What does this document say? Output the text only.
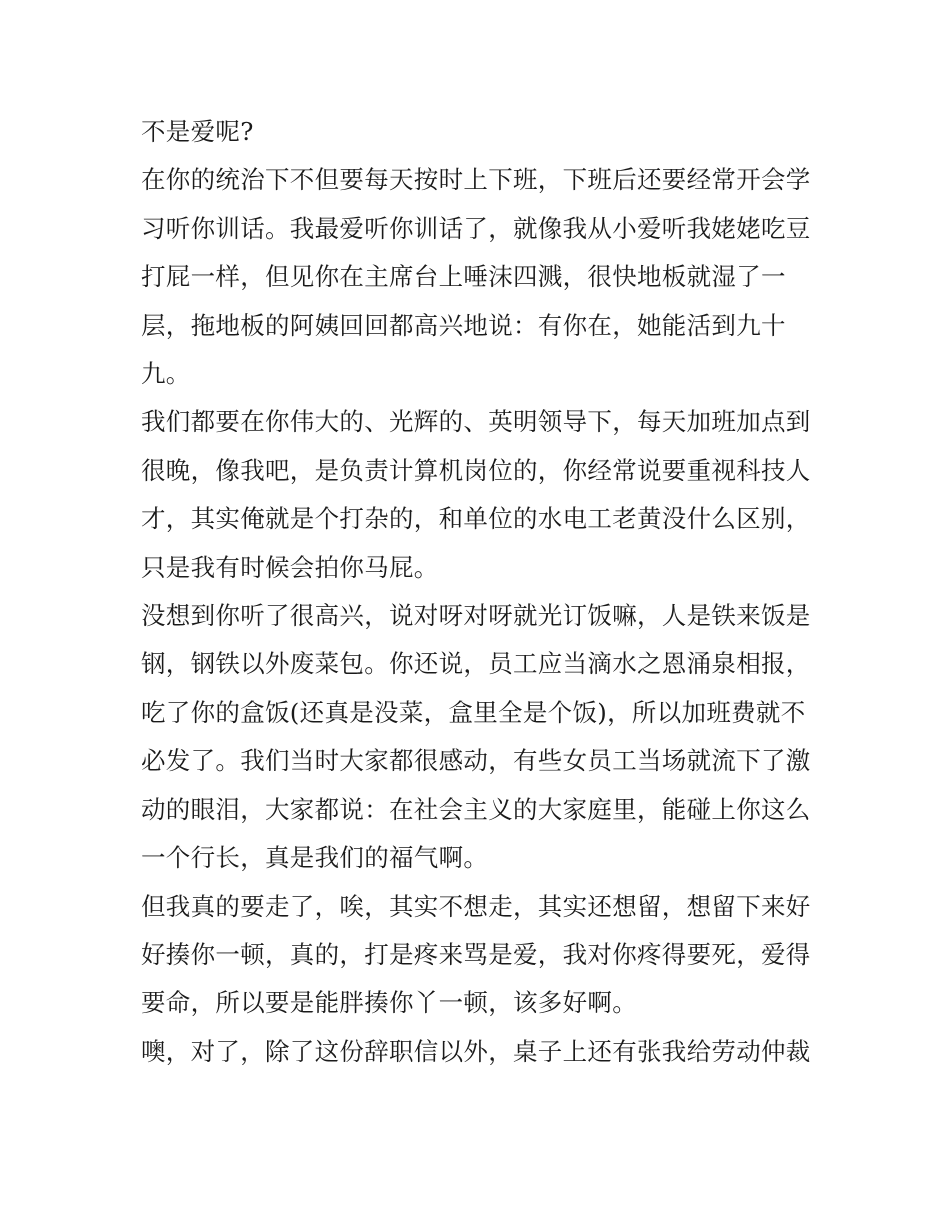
不是爱呢?

在你的统治下不但要每天按时上下班，下班后还要经常开会学习听你训话。我最爱听你训话了，就像我从小爱听我姥姥吃豆打屁一样，但见你在主席台上唾沫四溅，很快地板就湿了一层，拖地板的阿姨回回都高兴地说：有你在，她能活到九十九。

我们都要在你伟大的、光辉的、英明领导下，每天加班加点到很晚，像我吧，是负责计算机岗位的，你经常说要重视科技人才，其实俺就是个打杂的，和单位的水电工老黄没什么区别，只是我有时候会拍你马屁。

没想到你听了很高兴，说对呀对呀就光订饭嘛，人是铁来饭是钢，钢铁以外废菜包。你还说，员工应当滴水之恩涌泉相报，吃了你的盒饭(还真是没菜，盒里全是个饭)，所以加班费就不必发了。我们当时大家都很感动，有些女员工当场就流下了激动的眼泪，大家都说：在社会主义的大家庭里，能碰上你这么一个行长，真是我们的福气啊。

但我真的要走了，唉，其实不想走，其实还想留，想留下来好好揍你一顿，真的，打是疼来骂是爱，我对你疼得要死，爱得要命，所以要是能胖揍你丫一顿，该多好啊。

噢，对了，除了这份辞职信以外，桌子上还有张我给劳动仲裁
